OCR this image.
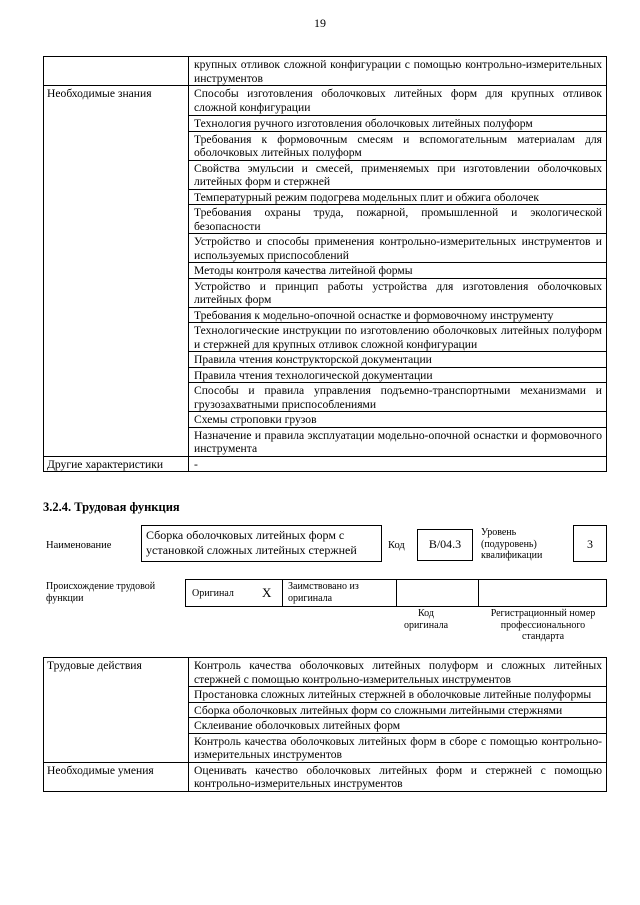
19
	крупных отливок сложной конфигурации с помощью контрольно-измерительных инструментов
Необходимые знания	Способы изготовления оболочковых литейных форм для крупных отливок сложной конфигурации
	Технология ручного изготовления оболочковых литейных полуформ
	Требования к формовочным смесям и вспомогательным материалам для оболочковых литейных полуформ
	Свойства эмульсии и смесей, применяемых при изготовлении оболочковых литейных форм и стержней
	Температурный режим подогрева модельных плит и обжига оболочек
	Требования охраны труда, пожарной, промышленной и экологической безопасности
	Устройство и способы применения контрольно-измерительных инструментов и используемых приспособлений
	Методы контроля качества литейной формы
	Устройство и принцип работы устройства для изготовления оболочковых литейных форм
	Требования к модельно-опочной оснастке и формовочному инструменту
	Технологические инструкции по изготовлению оболочковых литейных полуформ и стержней для крупных отливок сложной конфигурации
	Правила чтения конструкторской документации
	Правила чтения технологической документации
	Способы и правила управления подъемно-транспортными механизмами и грузозахватными приспособлениями
	Схемы строповки грузов
	Назначение и правила эксплуатации модельно-опочной оснастки и формовочного инструмента
Другие характеристики	-
3.2.4. Трудовая функция
Наименование
Сборка оболочковых литейных форм с установкой сложных литейных стержней	Код	B/04.3
Уровень (подуровень) квалификации
3
Происхождение трудовой функции	Оригинал X Заимствовано из оригинала
Код оригинала
Регистрационный номер профессионального стандарта
Трудовые действия	Контроль качества оболочковых литейных полуформ и сложных литейных стержней с помощью контрольно-измерительных инструментов
	Простановка сложных литейных стержней в оболочковые литейные полуформы
	Сборка оболочковых литейных форм со сложными литейными стержнями
	Склеивание оболочковых литейных форм
	Контроль качества оболочковых литейных форм в сборе с помощью контрольно-измерительных инструментов
Необходимые умения	Оценивать качество оболочковых литейных форм и стержней с помощью контрольно-измерительных инструментов
